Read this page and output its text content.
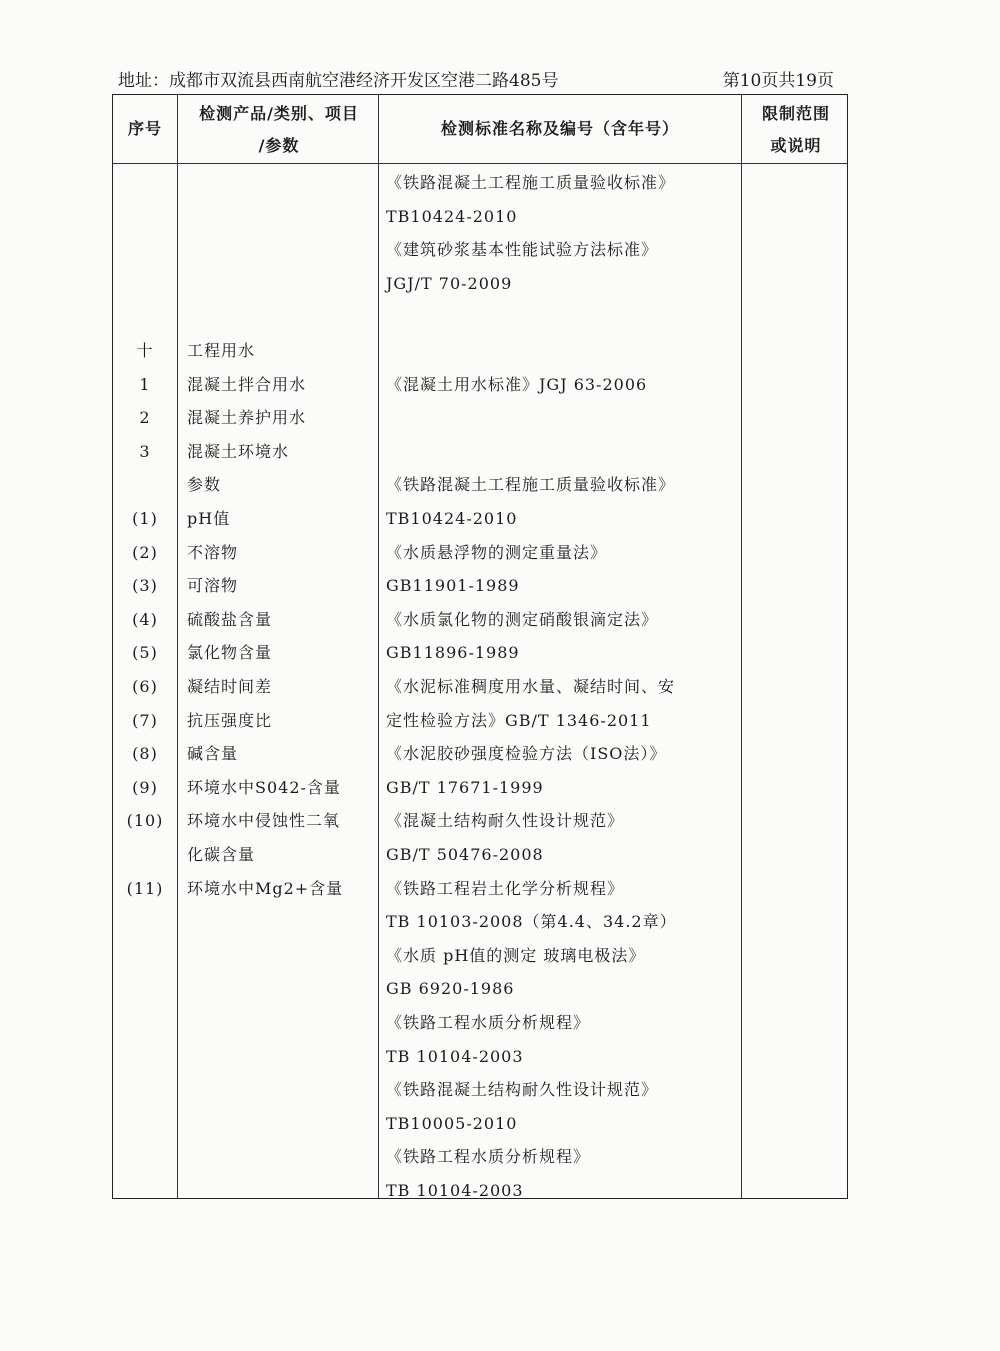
地址：成都市双流县西南航空港经济开发区空港二路485号	第10页共19页
序号
检测产品/类别、项目
/参数
检测标准名称及编号（含年号）
限制范围
或说明
《铁路混凝土工程施工质量验收标准》
TB10424-2010
《建筑砂浆基本性能试验方法标准》
JGJ/T 70-2009
《混凝土用水标准》JGJ 63-2006
《铁路混凝土工程施工质量验收标准》
TB10424-2010
《水质悬浮物的测定重量法》
GB11901-1989
《水质氯化物的测定硝酸银滴定法》
GB11896-1989
《水泥标准稠度用水量、凝结时间、安
定性检验方法》GB/T 1346-2011
《水泥胶砂强度检验方法（ISO法）》
GB/T 17671-1999
《混凝土结构耐久性设计规范》
GB/T 50476-2008
《铁路工程岩土化学分析规程》
TB 10103-2008（第4.4、34.2章）
《水质 pH值的测定 玻璃电极法》
GB 6920-1986
《铁路工程水质分析规程》
TB 10104-2003
《铁路混凝土结构耐久性设计规范》
TB10005-2010
《铁路工程水质分析规程》
TB 10104-2003
十
1
2
3
(1)
(2)
(3)
(4)
(5)
(6)
(7)
(8)
(9)
(10)
(11)
工程用水
混凝土拌合用水
混凝土养护用水
混凝土环境水
参数
pH值
不溶物
可溶物
硫酸盐含量
氯化物含量
凝结时间差
抗压强度比
碱含量
环境水中S042-含量
环境水中侵蚀性二氧
化碳含量
环境水中Mg2+含量
